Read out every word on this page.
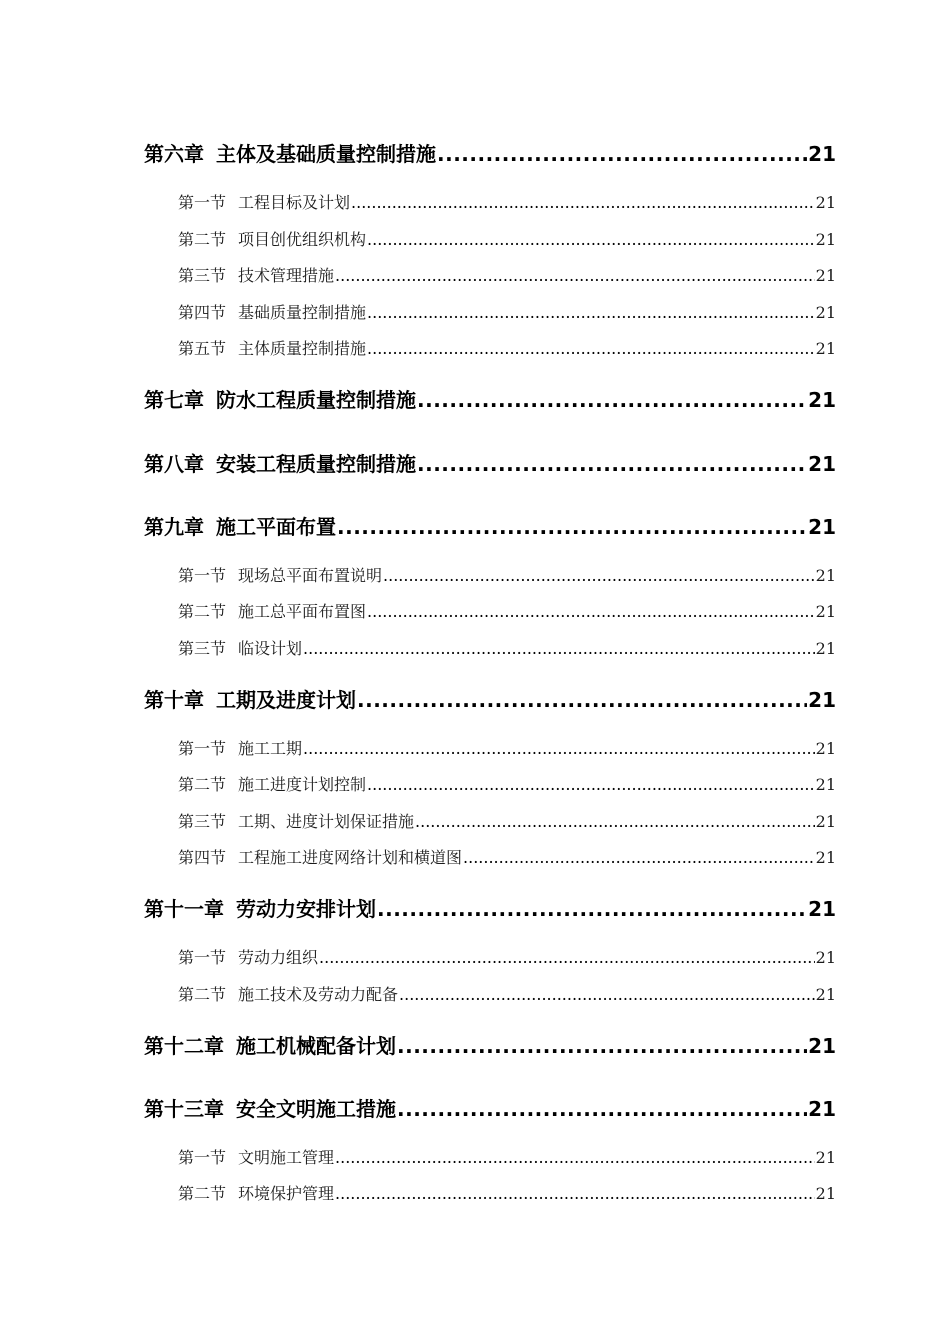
第六章 主体及基础质量控制措施 .....	21
第一节 工程目标及计划 .....	21
第二节 项目创优组织机构 .....	21
第三节 技术管理措施 .....	21
第四节 基础质量控制措施 .....	21
第五节 主体质量控制措施 .....	21
第七章 防水工程质量控制措施 .....	21
第八章 安装工程质量控制措施 .....	21
第九章 施工平面布置 .....	21
第一节 现场总平面布置说明 .....	21
第二节 施工总平面布置图 .....	21
第三节 临设计划 .....	21
第十章 工期及进度计划 .....	21
第一节 施工工期 .....	21
第二节 施工进度计划控制 .....	21
第三节 工期、进度计划保证措施 .....	21
第四节 工程施工进度网络计划和横道图 .....	21
第十一章 劳动力安排计划 .....	21
第一节 劳动力组织 .....	21
第二节 施工技术及劳动力配备 .....	21
第十二章 施工机械配备计划 .....	21
第十三章 安全文明施工措施 .....	21
第一节 文明施工管理 .....	21
第二节 环境保护管理 .....	21
